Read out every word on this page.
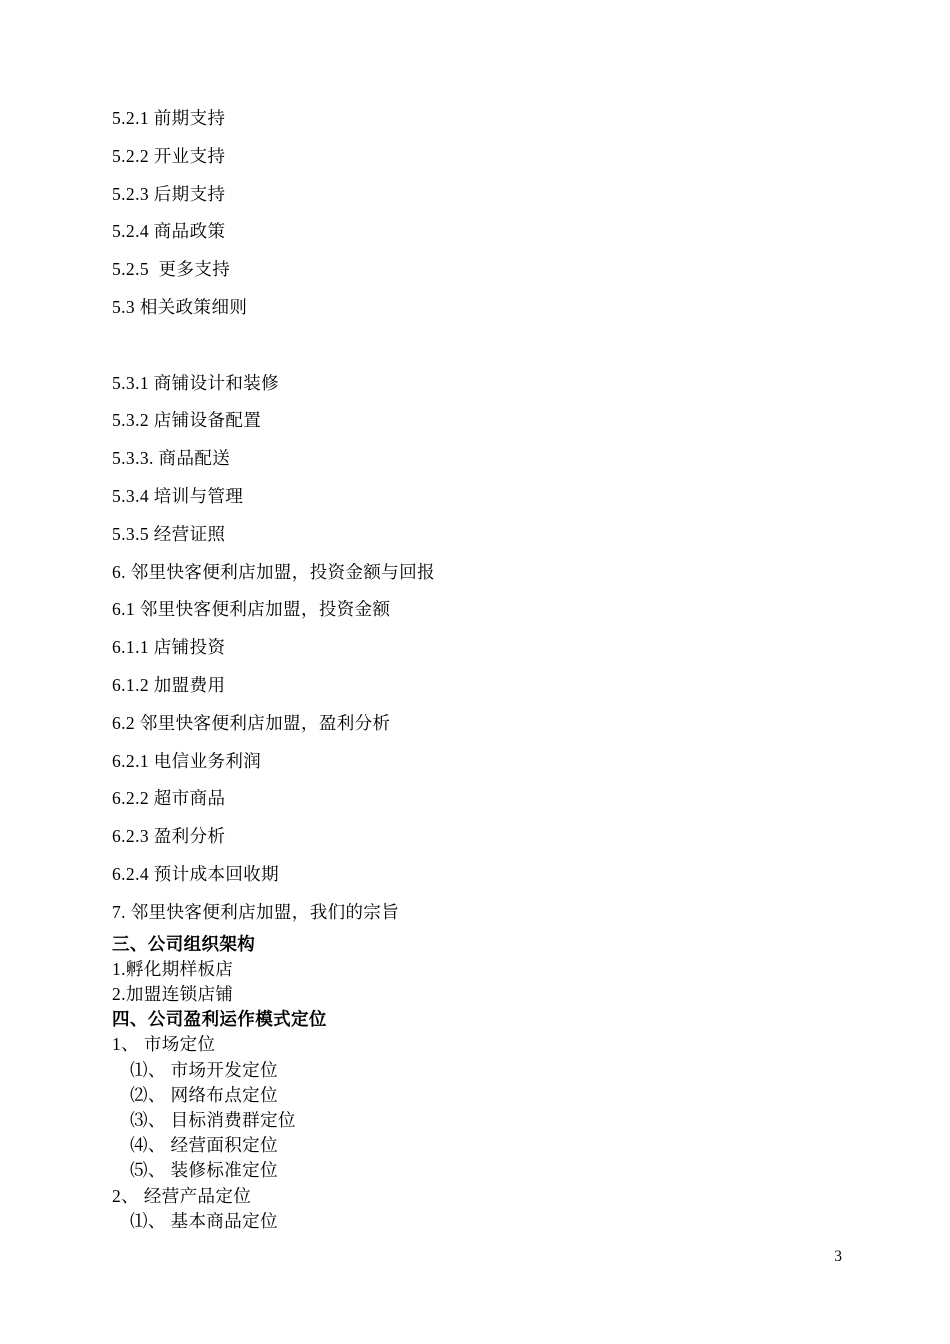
5.2.1 前期支持
5.2.2 开业支持
5.2.3 后期支持
5.2.4 商品政策
5.2.5  更多支持
5.3 相关政策细则
5.3.1 商铺设计和装修
5.3.2 店铺设备配置
5.3.3. 商品配送
5.3.4 培训与管理
5.3.5 经营证照
6. 邻里快客便利店加盟，投资金额与回报
6.1 邻里快客便利店加盟，投资金额
6.1.1 店铺投资
6.1.2 加盟费用
6.2 邻里快客便利店加盟，盈利分析
6.2.1 电信业务利润
6.2.2 超市商品
6.2.3 盈利分析
6.2.4 预计成本回收期
7. 邻里快客便利店加盟，我们的宗旨
三、公司组织架构
1.孵化期样板店
2.加盟连锁店铺
四、公司盈利运作模式定位
1、 市场定位
⑴、 市场开发定位
⑵、 网络布点定位
⑶、 目标消费群定位
⑷、 经营面积定位
⑸、 装修标准定位
2、 经营产品定位
⑴、 基本商品定位
3
